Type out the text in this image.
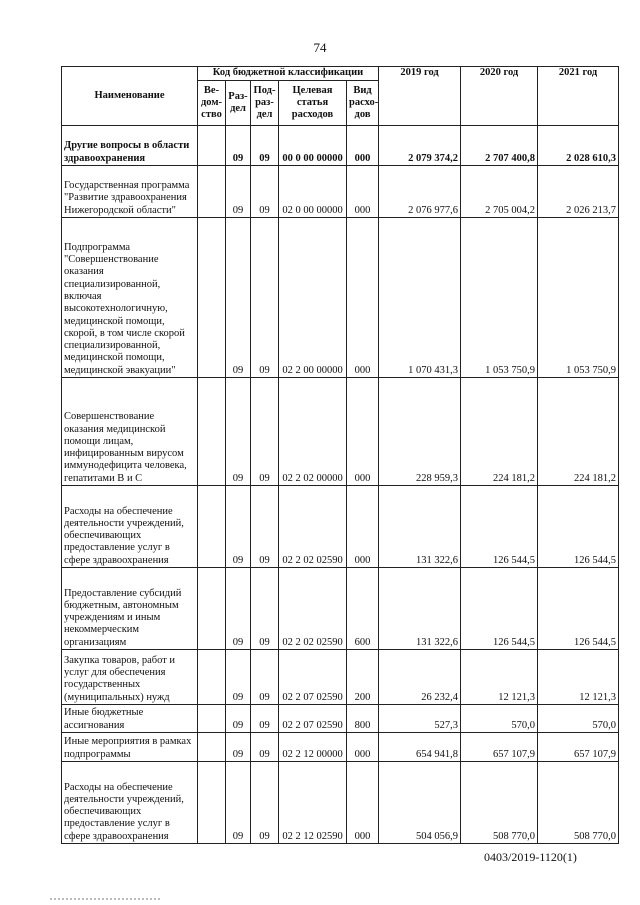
74
Наименование	Код бюджетной классификации					2019 год	2020 год	2021 год
	Ве-дом-ство	Раз-дел	Под-раз-дел	Целевая статья расходов	Вид расхо-дов			
Другие вопросы в области здравоохранения		09	09	00 0 00 00000	000	2 079 374,2	2 707 400,8	2 028 610,3
Государственная программа "Развитие здравоохранения Нижегородской области"		09	09	02 0 00 00000	000	2 076 977,6	2 705 004,2	2 026 213,7
Подпрограмма "Совершенствование оказания специализированной, включая высокотехнологичную, медицинской помощи, скорой, в том числе скорой специализированной, медицинской помощи, медицинской эвакуации"		09	09	02 2 00 00000	000	1 070 431,3	1 053 750,9	1 053 750,9
Совершенствование оказания медицинской помощи лицам, инфицированным вирусом иммунодефицита человека, гепатитами B и C		09	09	02 2 02 00000	000	228 959,3	224 181,2	224 181,2
Расходы на обеспечение деятельности учреждений, обеспечивающих предоставление услуг в сфере здравоохранения		09	09	02 2 02 02590	000	131 322,6	126 544,5	126 544,5
Предоставление субсидий бюджетным, автономным учреждениям и иным некоммерческим организациям		09	09	02 2 02 02590	600	131 322,6	126 544,5	126 544,5
Закупка товаров, работ и услуг для обеспечения государственных (муниципальных) нужд		09	09	02 2 07 02590	200	26 232,4	12 121,3	12 121,3
Иные бюджетные ассигнования		09	09	02 2 07 02590	800	527,3	570,0	570,0
Иные мероприятия в рамках подпрограммы		09	09	02 2 12 00000	000	654 941,8	657 107,9	657 107,9
Расходы на обеспечение деятельности учреждений, обеспечивающих предоставление услуг в сфере здравоохранения		09	09	02 2 12 02590	000	504 056,9	508 770,0	508 770,0
0403/2019-1120(1)
